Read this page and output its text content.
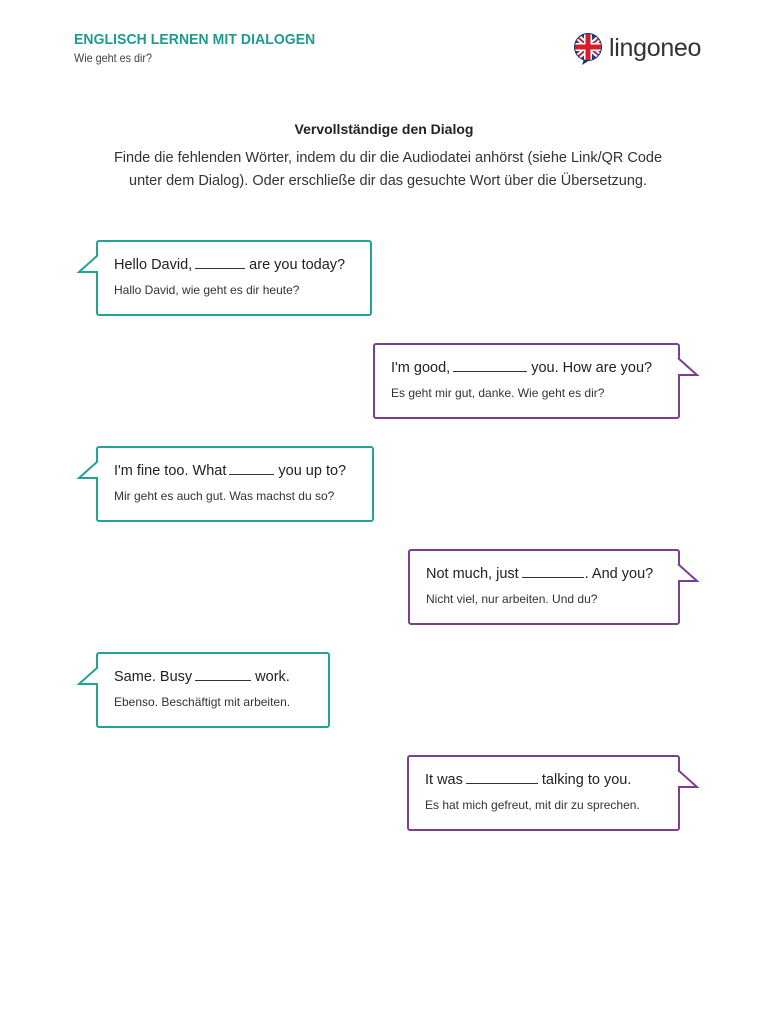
ENGLISCH LERNEN MIT DIALOGEN
Wie geht es dir?	lingoneo
Vervollständige den Dialog
Finde die fehlenden Wörter, indem du dir die Audiodatei anhörst (siehe Link/QR Code unter dem Dialog). Oder erschließe dir das gesuchte Wort über die Übersetzung.
Hello David,	are you today?
Hallo David, wie geht es dir heute?
I'm good,	you. How are you?
Es geht mir gut, danke. Wie geht es dir?
I'm fine too. What	you up to?
Mir geht es auch gut. Was machst du so?
Not much, just	. And you?
Nicht viel, nur arbeiten. Und du?
Same. Busy	work.
Ebenso. Beschäftigt mit arbeiten.
It was	talking to you.
Es hat mich gefreut, mit dir zu sprechen.
